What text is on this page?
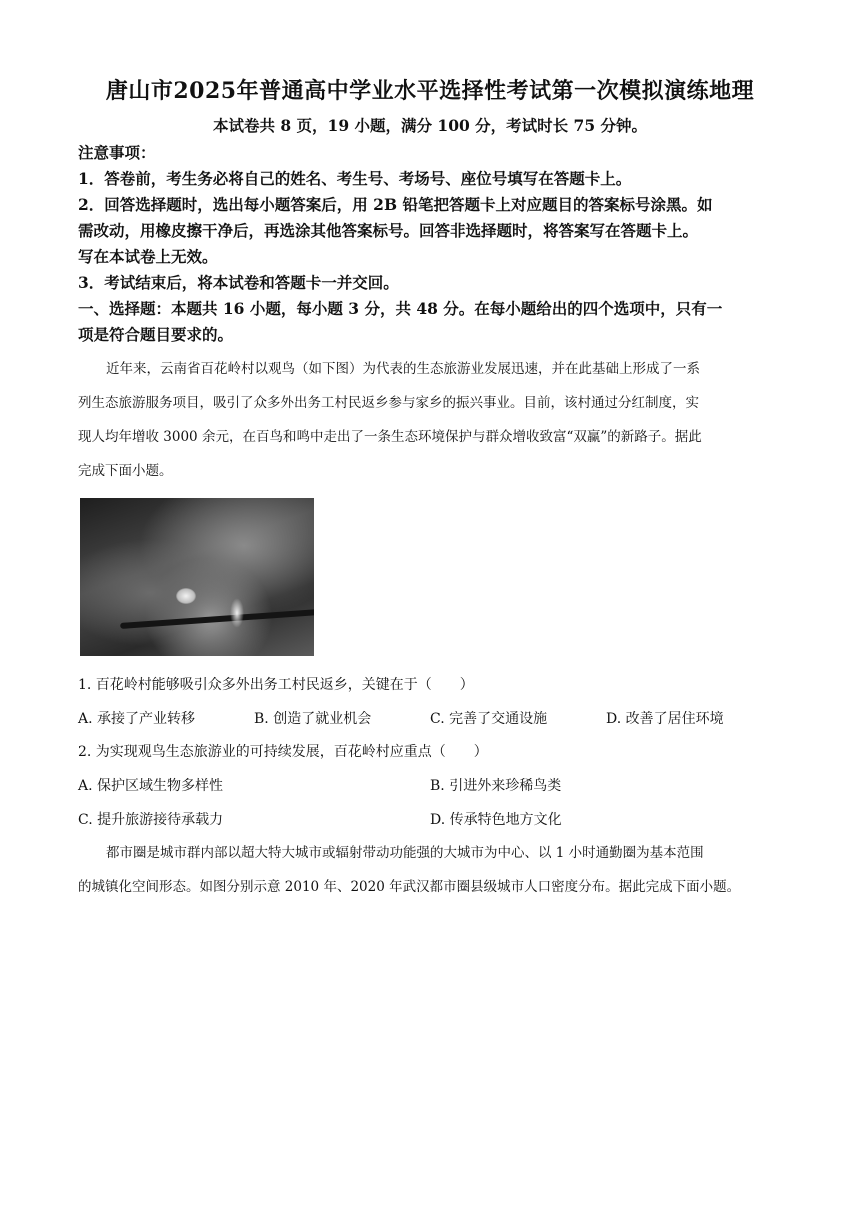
唐山市2025年普通高中学业水平选择性考试第一次模拟演练地理
本试卷共 8 页，19 小题，满分 100 分，考试时长 75 分钟。
注意事项：
1．答卷前，考生务必将自己的姓名、考生号、考场号、座位号填写在答题卡上。
2．回答选择题时，选出每小题答案后，用 2B 铅笔把答题卡上对应题目的答案标号涂黑。如
需改动，用橡皮擦干净后，再选涂其他答案标号。回答非选择题时，将答案写在答题卡上。
写在本试卷上无效。
3．考试结束后，将本试卷和答题卡一并交回。
一、选择题：本题共 16 小题，每小题 3 分，共 48 分。在每小题给出的四个选项中，只有一
项是符合题目要求的。
近年来，云南省百花岭村以观鸟（如下图）为代表的生态旅游业发展迅速，并在此基础上形成了一系
列生态旅游服务项目，吸引了众多外出务工村民返乡参与家乡的振兴事业。目前，该村通过分红制度，实
现人均年增收 3000 余元，在百鸟和鸣中走出了一条生态环境保护与群众增收致富“双赢”的新路子。据此
完成下面小题。
1. 百花岭村能够吸引众多外出务工村民返乡，关键在于（　　）
A. 承接了产业转移	B. 创造了就业机会	C. 完善了交通设施	D. 改善了居住环境
2. 为实现观鸟生态旅游业的可持续发展，百花岭村应重点（　　）
A. 保护区域生物多样性	B. 引进外来珍稀鸟类
C. 提升旅游接待承载力	D. 传承特色地方文化
都市圈是城市群内部以超大特大城市或辐射带动功能强的大城市为中心、以 1 小时通勤圈为基本范围
的城镇化空间形态。如图分别示意 2010 年、2020 年武汉都市圈县级城市人口密度分布。据此完成下面小题。
